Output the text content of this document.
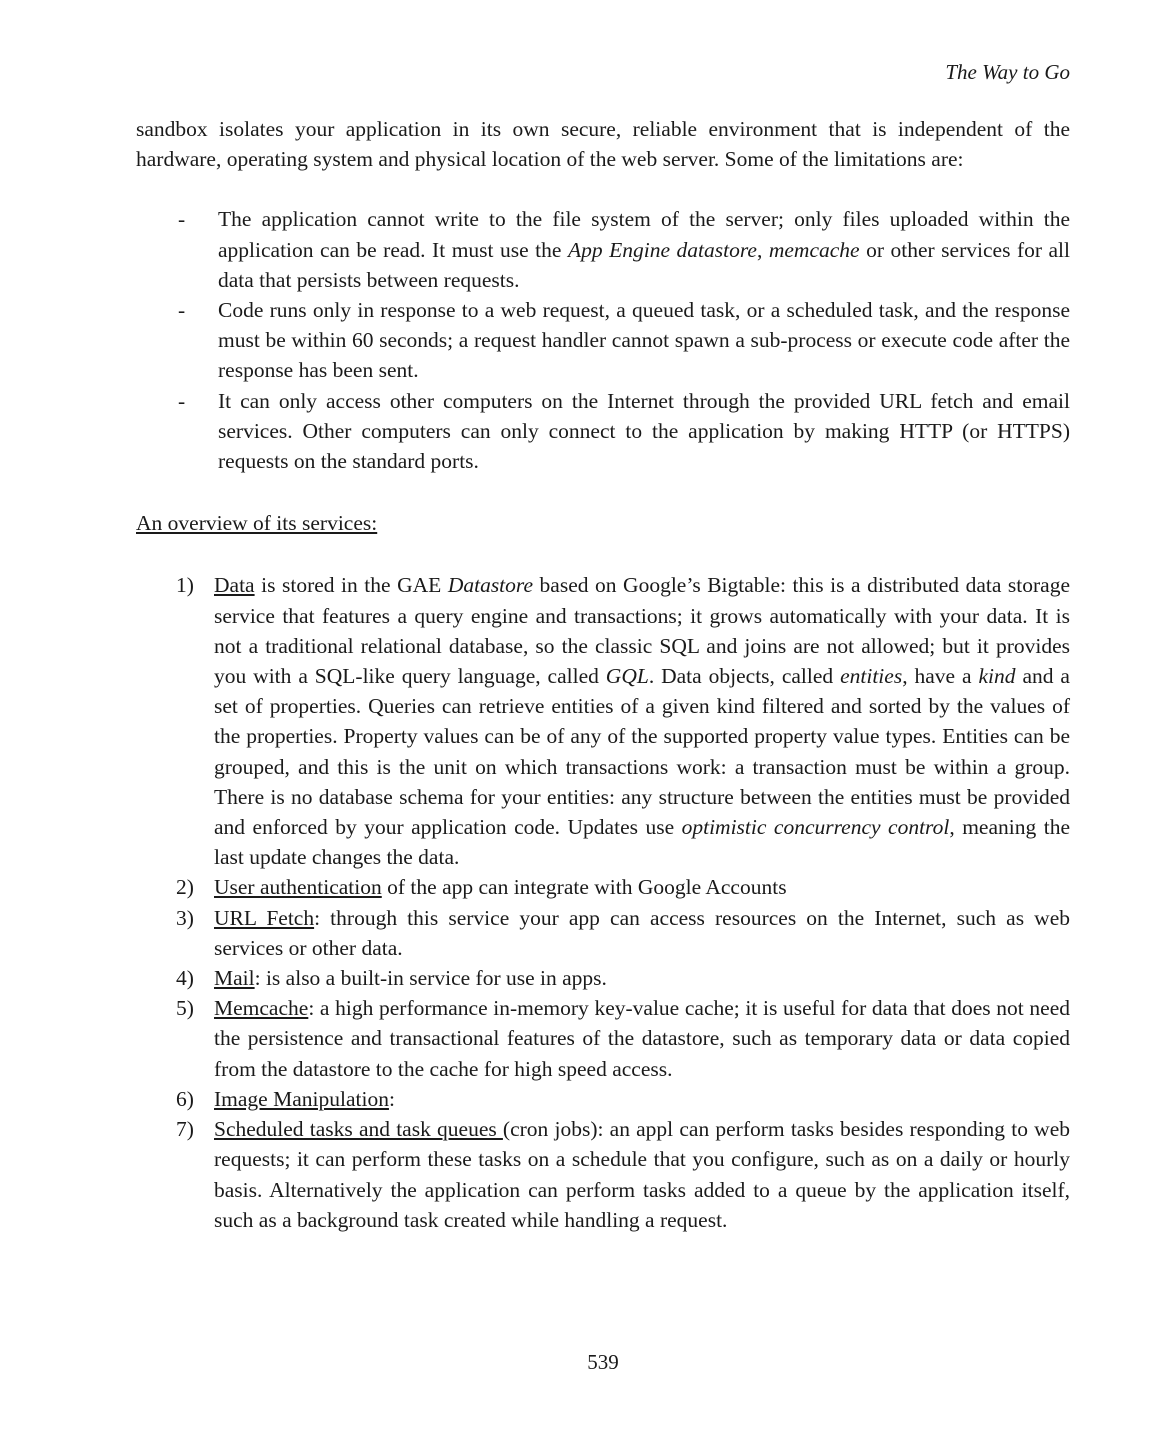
The Way to Go

sandbox isolates your application in its own secure, reliable environment that is independent of the hardware, operating system and physical location of the web server. Some of the limitations are:

- The application cannot write to the file system of the server; only files uploaded within the application can be read. It must use the App Engine datastore, memcache or other services for all data that persists between requests.
- Code runs only in response to a web request, a queued task, or a scheduled task, and the response must be within 60 seconds; a request handler cannot spawn a sub-process or execute code after the response has been sent.
- It can only access other computers on the Internet through the provided URL fetch and email services. Other computers can only connect to the application by making HTTP (or HTTPS) requests on the standard ports.

An overview of its services:

1) Data is stored in the GAE Datastore based on Google’s Bigtable: this is a distributed data storage service that features a query engine and transactions; it grows automatically with your data. It is not a traditional relational database, so the classic SQL and joins are not allowed; but it provides you with a SQL-like query language, called GQL. Data objects, called entities, have a kind and a set of properties. Queries can retrieve entities of a given kind filtered and sorted by the values of the properties. Property values can be of any of the supported property value types. Entities can be grouped, and this is the unit on which transactions work: a transaction must be within a group. There is no database schema for your entities: any structure between the entities must be provided and enforced by your application code. Updates use optimistic concurrency control, meaning the last update changes the data.
2) User authentication of the app can integrate with Google Accounts
3) URL Fetch: through this service your app can access resources on the Internet, such as web services or other data.
4) Mail: is also a built-in service for use in apps.
5) Memcache: a high performance in-memory key-value cache; it is useful for data that does not need the persistence and transactional features of the datastore, such as temporary data or data copied from the datastore to the cache for high speed access.
6) Image Manipulation:
7) Scheduled tasks and task queues (cron jobs): an appl can perform tasks besides responding to web requests; it can perform these tasks on a schedule that you configure, such as on a daily or hourly basis. Alternatively the application can perform tasks added to a queue by the application itself, such as a background task created while handling a request.
539
